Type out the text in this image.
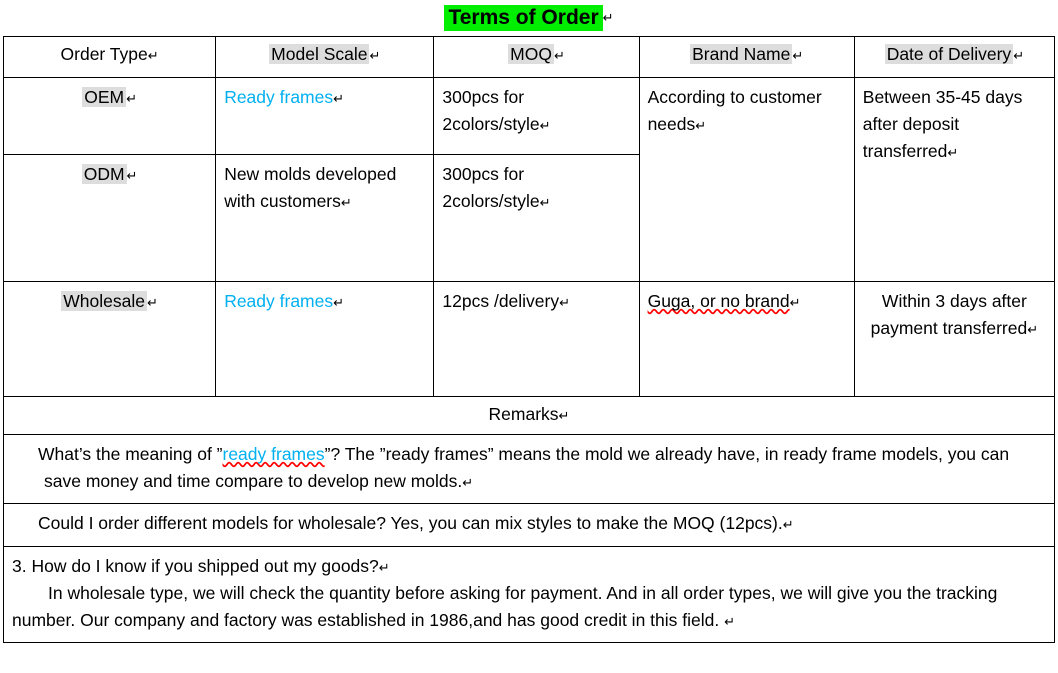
Terms of Order ↵
Order Type↵	Model Scale ↵	MOQ ↵	Brand Name ↵	Date of Delivery ↵
OEM ↵	Ready frames↵	300pcs for 2colors/style↵	According to customer needs↵	Between 35-45 days after deposit transferred↵
ODM ↵	New molds developed with customers↵	300pcs for 2colors/style↵		
Wholesale ↵	Ready frames↵	12pcs /delivery↵	Guga, or no brand↵	Within 3 days after payment transferred↵
Remarks↵				

What’s the meaning of ”ready frames”? The ”ready frames” means the mold we already have, in ready frame models, you can save money and time compare to develop new molds.↵				

Could I order different models for wholesale? Yes, you can mix styles to make the MOQ (12pcs).↵				

3. How do I know if you shipped out my goods?↵
In wholesale type, we will check the quantity before asking for payment. And in all order types, we will give you the tracking number. Our company and factory was established in 1986,and has good credit in this field. ↵				
